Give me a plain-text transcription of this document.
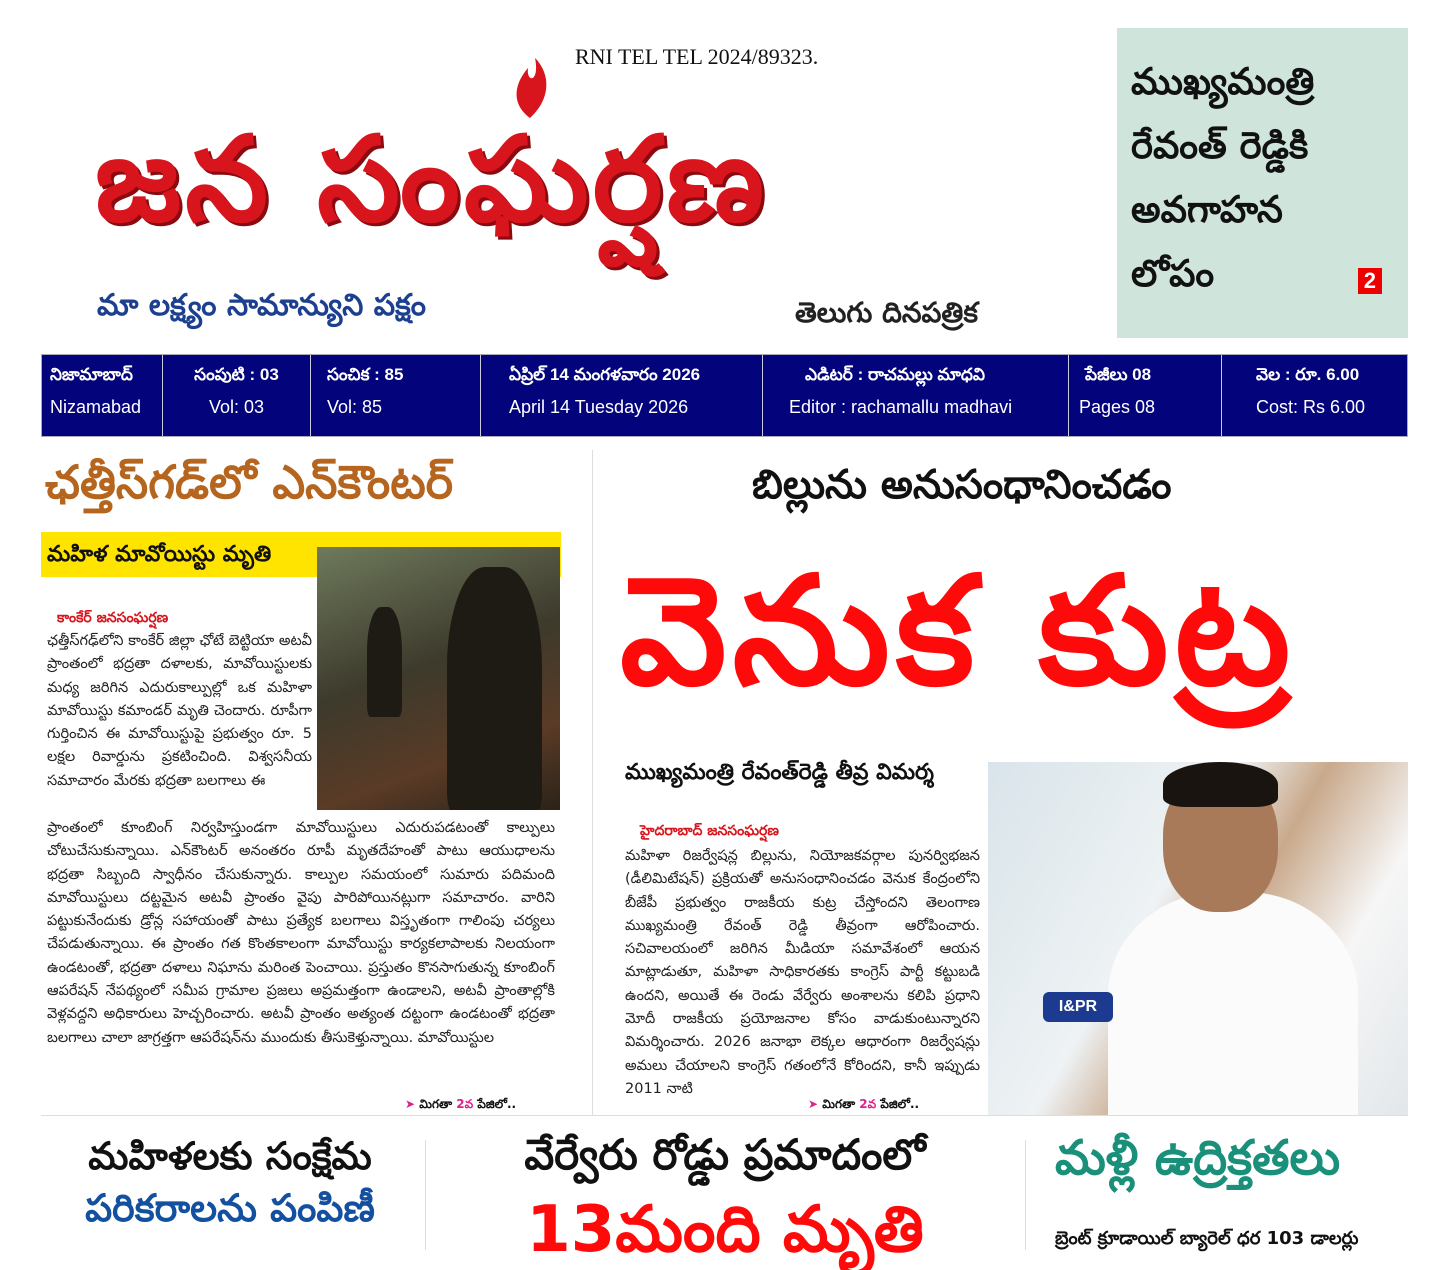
RNI TEL TEL 2024/89323.
జన సంఘర్షణ
మా లక్ష్యం సామాన్యుని పక్షం	తెలుగు దినపత్రిక
ముఖ్యమంత్రి
రేవంత్ రెడ్డికి
అవగాహన
లోపం	2
నిజామాబాద్
Nizamabad
సంపుటి : 03
Vol: 03
సంచిక : 85
Vol: 85
ఏప్రిల్ 14 మంగళవారం 2026
April 14 Tuesday 2026
ఎడిటర్ : రాచమల్లు మాధవి
Editor : rachamallu madhavi
పేజీలు 08
Pages 08
వెల : రూ. 6.00
Cost: Rs 6.00
ఛత్తీస్‌గడ్‌లో ఎన్‌కౌంటర్
మహిళ మావోయిస్టు మృతి
కాంకేర్ జనసంఘర్షణ
ఛత్తీస్‌గఢ్‌లోని కాంకేర్ జిల్లా ఛోటే బెట్టియా అటవీ ప్రాంతంలో భద్రతా దళాలకు, మావోయిస్టులకు మధ్య జరిగిన ఎదురుకాల్పుల్లో ఒక మహిళా మావోయిస్టు కమాండర్ మృతి చెందారు. రూపీగా గుర్తించిన ఈ మావోయిస్టుపై ప్రభుత్వం రూ. 5 లక్షల రివార్డును ప్రకటించింది. విశ్వసనీయ సమాచారం మేరకు భద్రతా బలగాలు ఈ
ప్రాంతంలో కూంబింగ్ నిర్వహిస్తుండగా మావోయిస్టులు ఎదురుపడటంతో కాల్పులు చోటుచేసుకున్నాయి. ఎన్‌కౌంటర్ అనంతరం రూపీ మృతదేహంతో పాటు ఆయుధాలను భద్రతా సిబ్బంది స్వాధీనం చేసుకున్నారు. కాల్పుల సమయంలో సుమారు పదిమంది మావోయిస్టులు దట్టమైన అటవీ ప్రాంతం వైపు పారిపోయినట్లుగా సమాచారం. వారిని పట్టుకునేందుకు డ్రోన్ల సహాయంతో పాటు ప్రత్యేక బలగాలు విస్తృతంగా గాలింపు చర్యలు చేపడుతున్నాయి. ఈ ప్రాంతం గత కొంతకాలంగా మావోయిస్టు కార్యకలాపాలకు నిలయంగా ఉండటంతో, భద్రతా దళాలు నిఘాను మరింత పెంచాయి. ప్రస్తుతం కొనసాగుతున్న కూంబింగ్ ఆపరేషన్ నేపథ్యంలో సమీప గ్రామాల ప్రజలు అప్రమత్తంగా ఉండాలని, అటవీ ప్రాంతాల్లోకి వెళ్లవద్దని అధికారులు హెచ్చరించారు. అటవీ ప్రాంతం అత్యంత దట్టంగా ఉండటంతో భద్రతా బలగాలు చాలా జాగ్రత్తగా ఆపరేషన్‌ను ముందుకు తీసుకెళ్తున్నాయి. మావోయిస్టుల
➤ మిగతా 2వ పేజిలో..
బిల్లును అనుసంధానించడం
వెనుక కుట్ర
ముఖ్యమంత్రి రేవంత్‌రెడ్డి తీవ్ర విమర్శ
I&PR
హైదరాబాద్ జనసంఘర్షణ
మహిళా రిజర్వేషన్ల బిల్లును, నియోజకవర్గాల పునర్విభజన (డీలిమిటేషన్) ప్రక్రియతో అనుసంధానించడం వెనుక కేంద్రంలోని బీజేపీ ప్రభుత్వం రాజకీయ కుట్ర చేస్తోందని తెలంగాణ ముఖ్యమంత్రి రేవంత్ రెడ్డి తీవ్రంగా ఆరోపించారు. సచివాలయంలో జరిగిన మీడియా సమావేశంలో ఆయన మాట్లాడుతూ, మహిళా సాధికారతకు కాంగ్రెస్ పార్టీ కట్టుబడి ఉందని, అయితే ఈ రెండు వేర్వేరు అంశాలను కలిపి ప్రధాని మోదీ రాజకీయ ప్రయోజనాల కోసం వాడుకుంటున్నారని విమర్శించారు. 2026 జనాభా లెక్కల ఆధారంగా రిజర్వేషన్లు అమలు చేయాలని కాంగ్రెస్ గతంలోనే కోరిందని, కానీ ఇప్పుడు 2011 నాటి
➤ మిగతా 2వ పేజిలో..
మహిళలకు సంక్షేమ
పరికరాలను పంపిణీ
వేర్వేరు రోడ్డు ప్రమాదంలో
13మంది మృతి
మళ్లీ ఉద్రిక్తతలు
బ్రెంట్ క్రూడాయిల్ బ్యారెల్ ధర 103 డాలర్లు
